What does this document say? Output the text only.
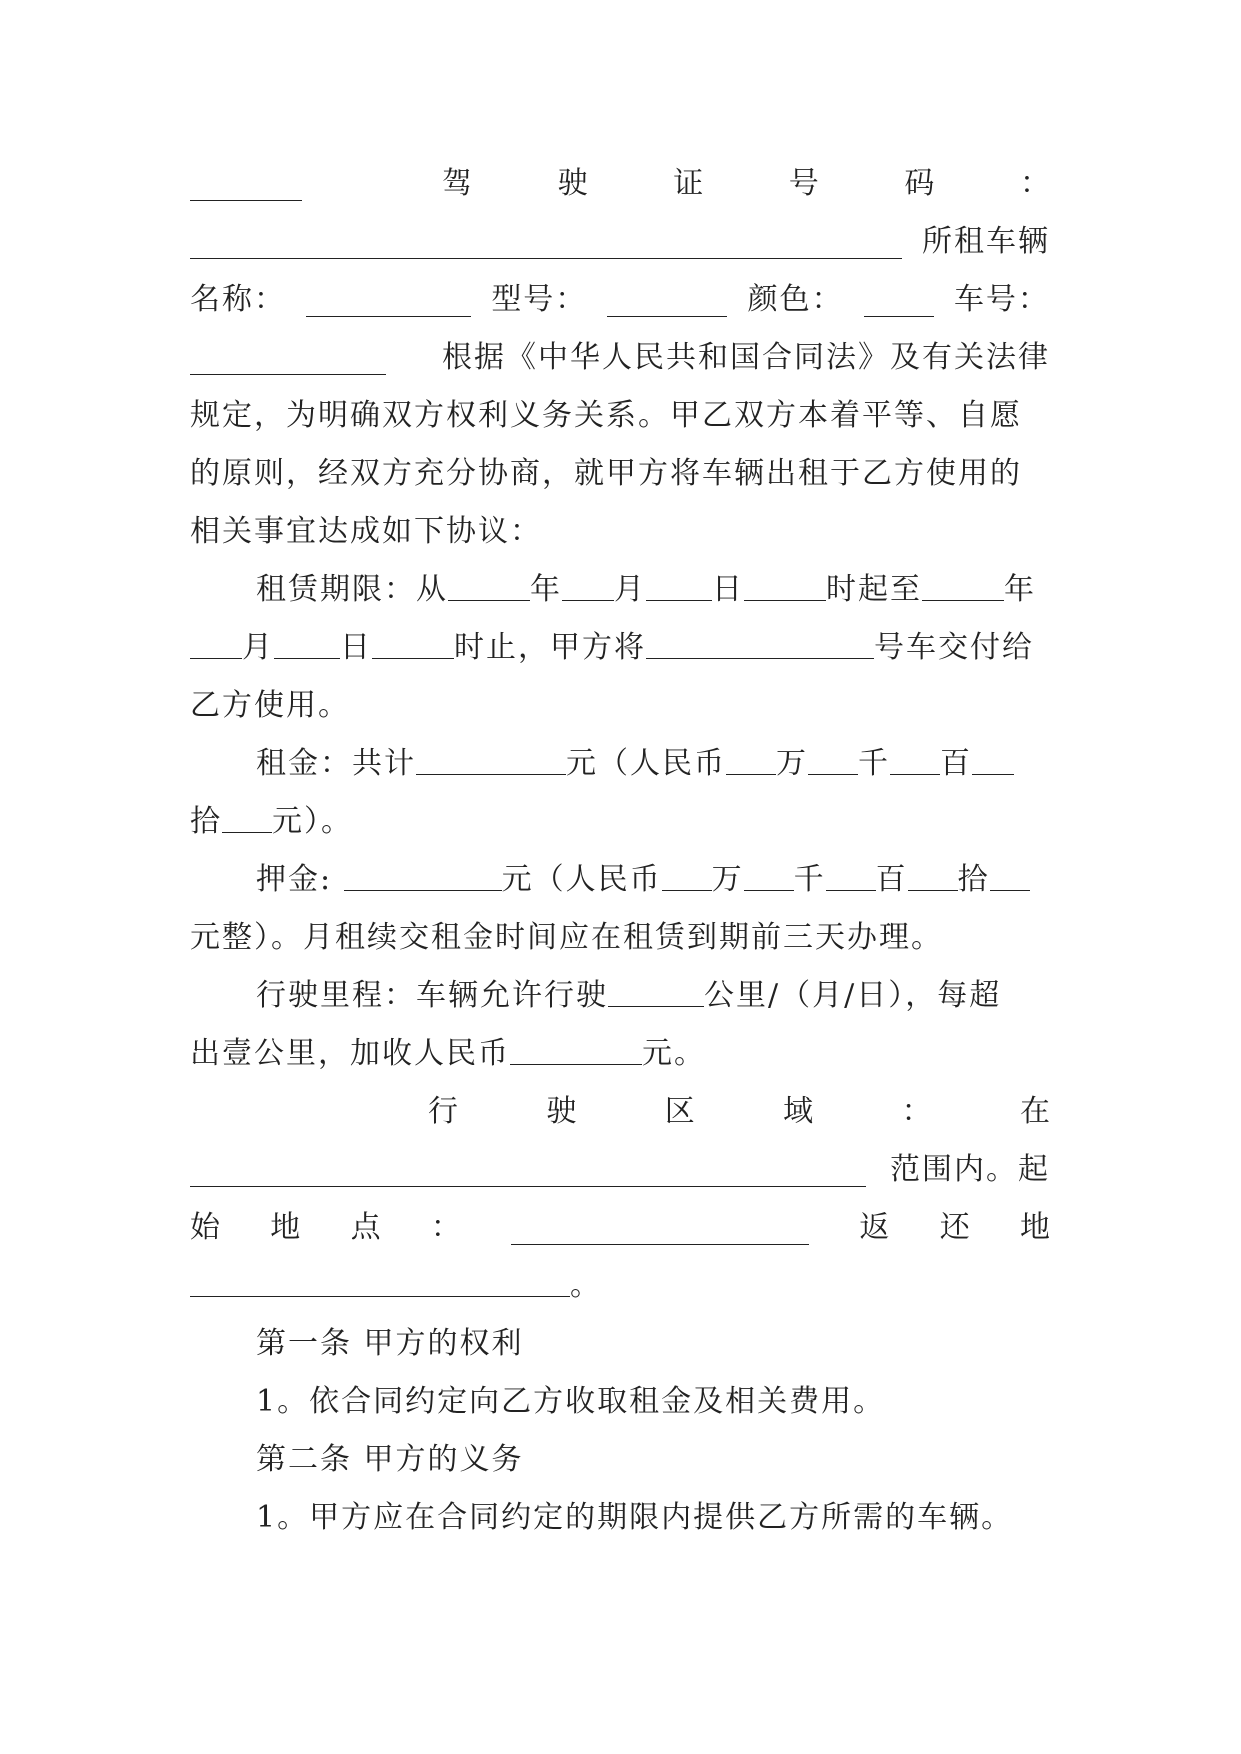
驾	驶	证	号	码	：
所租车辆
名称：	型号：	颜色：	车号：
根据《中华人民共和国合同法》及有关法律
规定，为明确双方权利义务关系。甲乙双方本着平等、自愿
的原则，经双方充分协商，就甲方将车辆出租于乙方使用的
相关事宜达成如下协议：
租赁期限：从	年 月 日	时起至	年
月 日	时止，甲方将	号车交付给
乙方使用。
租金：共计	元（人民币 万 千 百
拾 元）。
押金:	元（人民币 万 千 百 拾
元整）。月租续交租金时间应在租赁到期前三天办理。
行驶里程：车辆允许行驶	公里/（月/日），每超
出壹公里，加收人民币	元。
行	驶	区	域	：	在
范围内。起
始 地 点 ：	返 还 地
。
第一条 甲方的权利
1。依合同约定向乙方收取租金及相关费用。
第二条 甲方的义务
1。甲方应在合同约定的期限内提供乙方所需的车辆。
